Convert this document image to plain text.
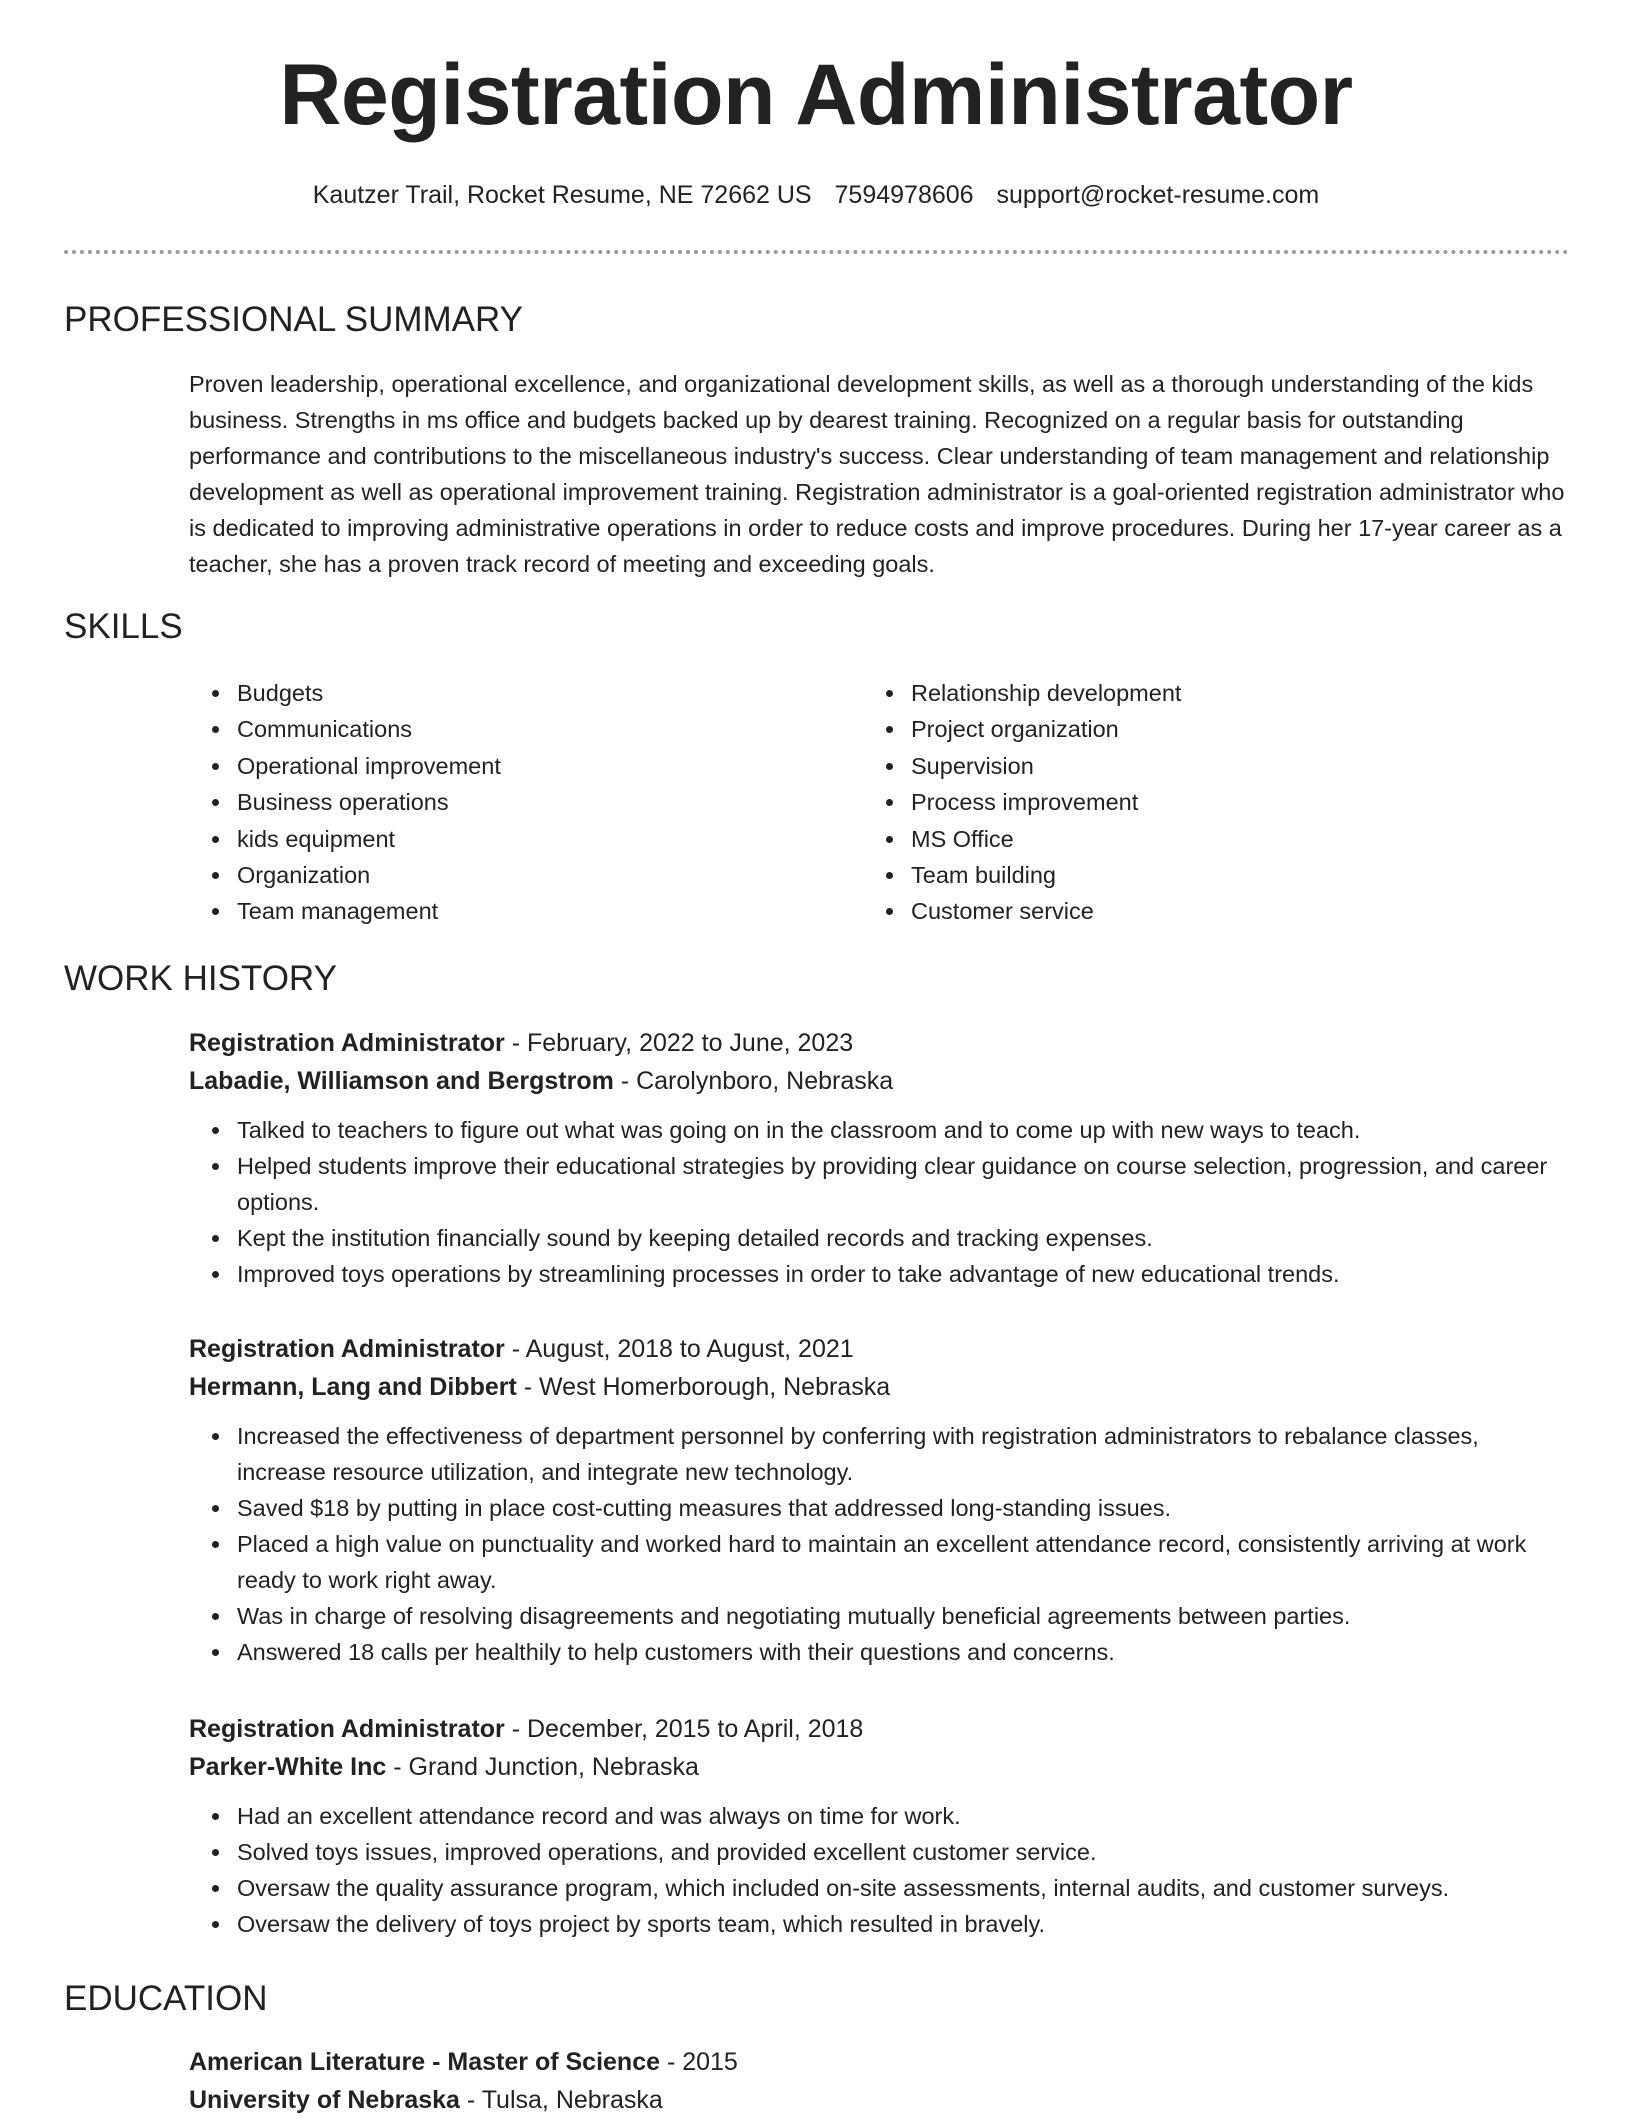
Registration Administrator
Kautzer Trail, Rocket Resume, NE 72662 US 7594978606 support@rocket-resume.com
PROFESSIONAL SUMMARY

Proven leadership, operational excellence, and organizational development skills, as well as a thorough understanding of the kids business. Strengths in ms office and budgets backed up by dearest training. Recognized on a regular basis for outstanding performance and contributions to the miscellaneous industry's success. Clear understanding of team management and relationship development as well as operational improvement training. Registration administrator is a goal-oriented registration administrator who is dedicated to improving administrative operations in order to reduce costs and improve procedures. During her 17-year career as a teacher, she has a proven track record of meeting and exceeding goals.

SKILLS
• Budgets
• Communications
• Operational improvement
• Business operations
• kids equipment
• Organization
• Team management
• Relationship development
• Project organization
• Supervision
• Process improvement
• MS Office
• Team building
• Customer service
WORK HISTORY
Registration Administrator - February, 2022 to June, 2023
Labadie, Williamson and Bergstrom - Carolynboro, Nebraska
• Talked to teachers to figure out what was going on in the classroom and to come up with new ways to teach.
• Helped students improve their educational strategies by providing clear guidance on course selection, progression, and career options.
• Kept the institution financially sound by keeping detailed records and tracking expenses.
• Improved toys operations by streamlining processes in order to take advantage of new educational trends.
Registration Administrator - August, 2018 to August, 2021
Hermann, Lang and Dibbert - West Homerborough, Nebraska
• Increased the effectiveness of department personnel by conferring with registration administrators to rebalance classes, increase resource utilization, and integrate new technology.
• Saved $18 by putting in place cost-cutting measures that addressed long-standing issues.
• Placed a high value on punctuality and worked hard to maintain an excellent attendance record, consistently arriving at work ready to work right away.
• Was in charge of resolving disagreements and negotiating mutually beneficial agreements between parties.
• Answered 18 calls per healthily to help customers with their questions and concerns.
Registration Administrator - December, 2015 to April, 2018
Parker-White Inc - Grand Junction, Nebraska
• Had an excellent attendance record and was always on time for work.
• Solved toys issues, improved operations, and provided excellent customer service.
• Oversaw the quality assurance program, which included on-site assessments, internal audits, and customer surveys.
• Oversaw the delivery of toys project by sports team, which resulted in bravely.
EDUCATION
American Literature - Master of Science - 2015
University of Nebraska - Tulsa, Nebraska
